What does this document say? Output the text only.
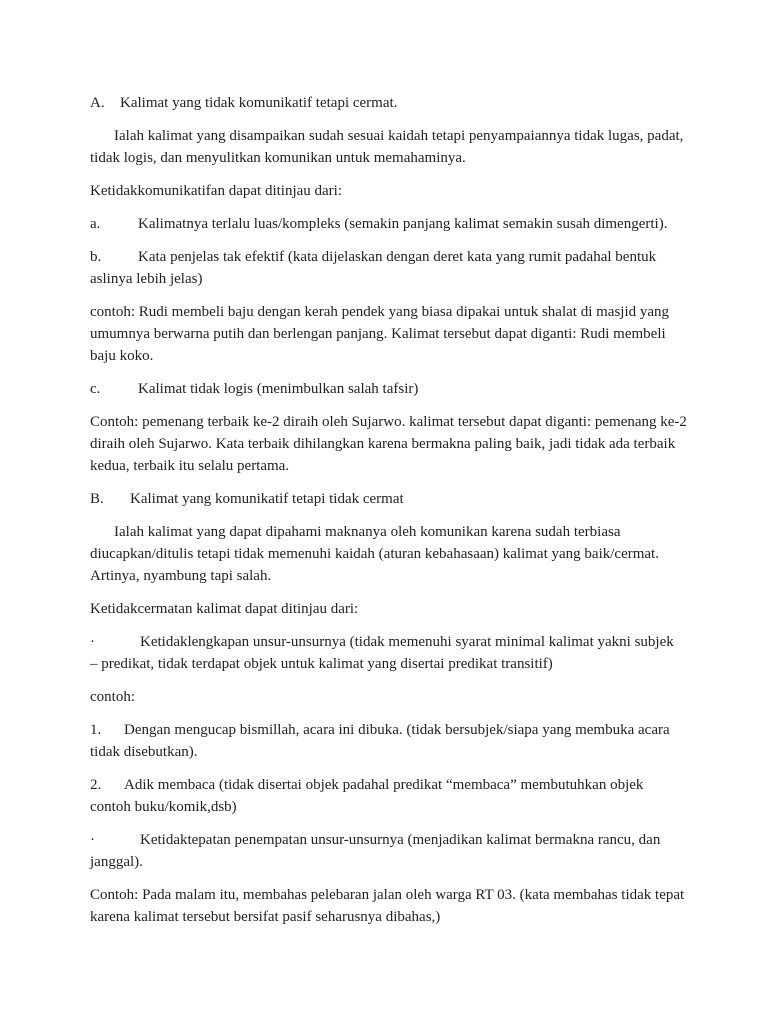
A.	Kalimat yang tidak komunikatif tetapi cermat.

Ialah kalimat yang disampaikan sudah sesuai kaidah tetapi penyampaiannya tidak lugas, padat, tidak logis, dan menyulitkan komunikan untuk memahaminya.

Ketidakkomunikatifan dapat ditinjau dari:

a.	Kalimatnya terlalu luas/kompleks (semakin panjang kalimat semakin susah dimengerti).
b.	Kata penjelas tak efektif (kata dijelaskan dengan deret kata yang rumit padahal bentuk

aslinya lebih jelas)

contoh: Rudi membeli baju dengan kerah pendek yang biasa dipakai untuk shalat di masjid yang umumnya berwarna putih dan berlengan panjang. Kalimat tersebut dapat diganti: Rudi membeli baju koko.

c.	Kalimat tidak logis (menimbulkan salah tafsir)

Contoh: pemenang terbaik ke-2 diraih oleh Sujarwo. kalimat tersebut dapat diganti: pemenang ke-2 diraih oleh Sujarwo. Kata terbaik dihilangkan karena bermakna paling baik, jadi tidak ada terbaik kedua, terbaik itu selalu pertama.

B.	Kalimat yang komunikatif tetapi tidak cermat

Ialah kalimat yang dapat dipahami maknanya oleh komunikan karena sudah terbiasa diucapkan/ditulis tetapi tidak memenuhi kaidah (aturan kebahasaan) kalimat yang baik/cermat. Artinya, nyambung tapi salah.

Ketidakcermatan kalimat dapat ditinjau dari:

·	Ketidaklengkapan unsur-unsurnya (tidak memenuhi syarat minimal kalimat yakni subjek

– predikat, tidak terdapat objek untuk kalimat yang disertai predikat transitif)

contoh:

1.	Dengan mengucap bismillah, acara ini dibuka. (tidak bersubjek/siapa yang membuka acara

tidak disebutkan).

2.	Adik membaca (tidak disertai objek padahal predikat “membaca” membutuhkan objek

contoh buku/komik,dsb)

·	Ketidaktepatan penempatan unsur-unsurnya (menjadikan kalimat bermakna rancu, dan

janggal).

Contoh: Pada malam itu, membahas pelebaran jalan oleh warga RT 03. (kata membahas tidak tepat karena kalimat tersebut bersifat pasif seharusnya dibahas,)
